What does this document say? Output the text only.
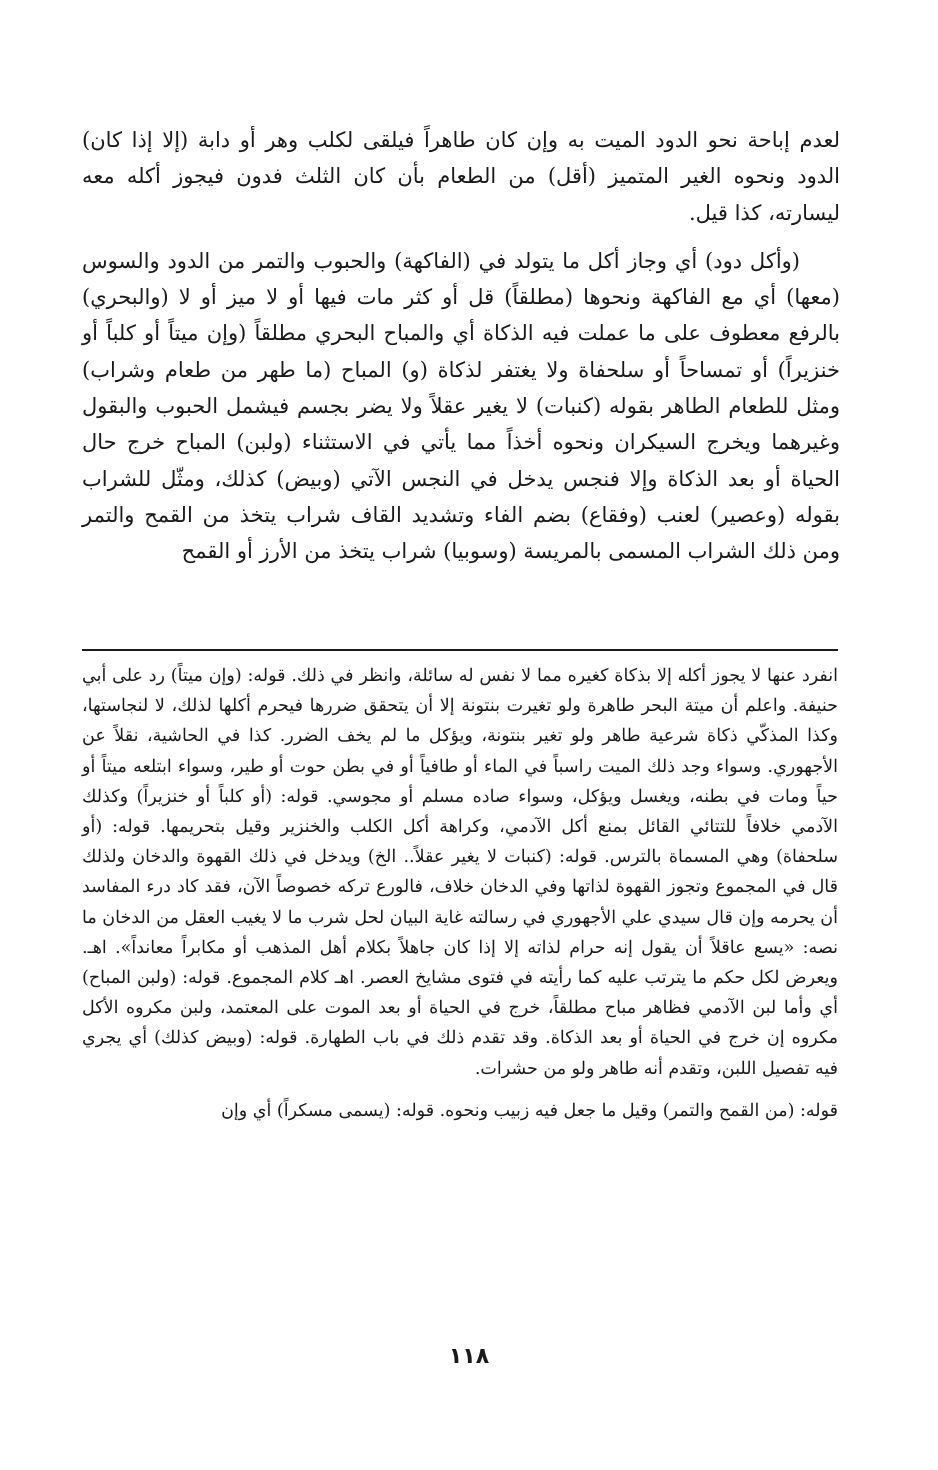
لعدم إباحة نحو الدود الميت به وإن كان طاهراً فيلقى لكلب وهر أو دابة (إلا إذا كان) الدود ونحوه الغير المتميز (أقل) من الطعام بأن كان الثلث فدون فيجوز أكله معه ليسارته، كذا قيل.

(وأكل دود) أي وجاز أكل ما يتولد في (الفاكهة) والحبوب والتمر من الدود والسوس (معها) أي مع الفاكهة ونحوها (مطلقاً) قل أو كثر مات فيها أو لا ميز أو لا (والبحري) بالرفع معطوف على ما عملت فيه الذكاة أي والمباح البحري مطلقاً (وإن ميتاً أو كلباً أو خنزيراً) أو تمساحاً أو سلحفاة ولا يغتفر لذكاة (و) المباح (ما طهر من طعام وشراب) ومثل للطعام الطاهر بقوله (كنبات) لا يغير عقلاً ولا يضر بجسم فيشمل الحبوب والبقول وغيرهما ويخرج السيكران ونحوه أخذاً مما يأتي في الاستثناء (ولبن) المباح خرج حال الحياة أو بعد الذكاة وإلا فنجس يدخل في النجس الآتي (وبيض) كذلك، ومثّل للشراب بقوله (وعصير) لعنب (وفقاع) بضم الفاء وتشديد القاف شراب يتخذ من القمح والتمر ومن ذلك الشراب المسمى بالمريسة (وسوبيا) شراب يتخذ من الأرز أو القمح

انفرد عنها لا يجوز أكله إلا بذكاة كغيره مما لا نفس له سائلة، وانظر في ذلك. قوله: (وإن ميتاً) رد على أبي حنيفة. واعلم أن ميتة البحر طاهرة ولو تغيرت بنتونة إلا أن يتحقق ضررها فيحرم أكلها لذلك، لا لنجاستها، وكذا المذكّي ذكاة شرعية طاهر ولو تغير بنتونة، ويؤكل ما لم يخف الضرر. كذا في الحاشية، نقلاً عن الأجهوري. وسواء وجد ذلك الميت راسباً في الماء أو طافياً أو في بطن حوت أو طير، وسواء ابتلعه ميتاً أو حياً ومات في بطنه، ويغسل ويؤكل، وسواء صاده مسلم أو مجوسي. قوله: (أو كلباً أو خنزيراً) وكذلك الآدمي خلافاً للتتائي القائل بمنع أكل الآدمي، وكراهة أكل الكلب والخنزير وقيل بتحريمها. قوله: (أو سلحفاة) وهي المسماة بالترس. قوله: (كنبات لا يغير عقلاً.. الخ) ويدخل في ذلك القهوة والدخان ولذلك قال في المجموع وتجوز القهوة لذاتها وفي الدخان خلاف، فالورع تركه خصوصاً الآن، فقد كاد درء المفاسد أن يحرمه وإن قال سيدي علي الأجهوري في رسالته غاية البيان لحل شرب ما لا يغيب العقل من الدخان ما نصه: «يسع عاقلاً أن يقول إنه حرام لذاته إلا إذا كان جاهلاً بكلام أهل المذهب أو مكابراً معانداً». اهـ. ويعرض لكل حكم ما يترتب عليه كما رأيته في فتوى مشايخ العصر. اهـ كلام المجموع. قوله: (ولبن المباح) أي وأما لبن الآدمي فظاهر مباح مطلقاً، خرج في الحياة أو بعد الموت على المعتمد، ولبن مكروه الأكل مكروه إن خرج في الحياة أو بعد الذكاة. وقد تقدم ذلك في باب الطهارة. قوله: (وبيض كذلك) أي يجري فيه تفصيل اللبن، وتقدم أنه طاهر ولو من حشرات.

قوله: (من القمح والتمر) وقيل ما جعل فيه زبيب ونحوه. قوله: (يسمى مسكراً) أي وإن

١١٨
